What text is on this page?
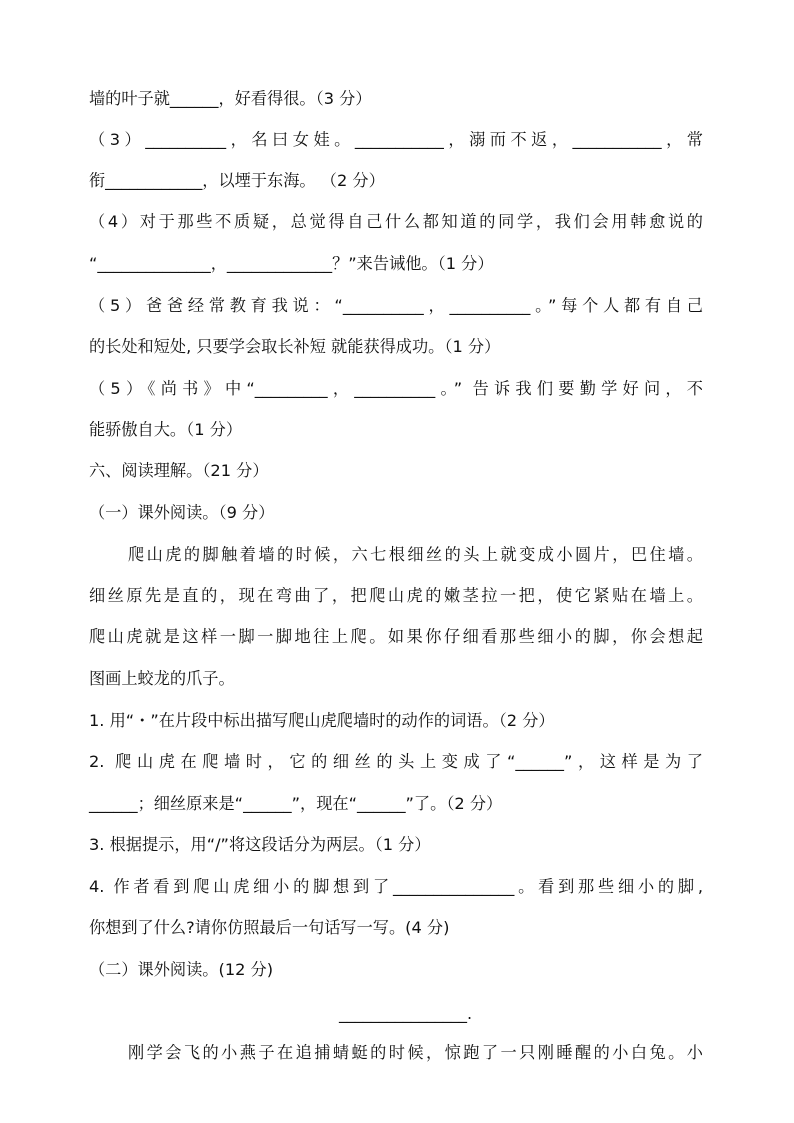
墙的叶子就______，好看得很。（3 分）
（3）__________，名曰女娃。___________，溺而不返，___________，常
衔____________，以堙于东海。 （2 分）
（4）对于那些不质疑，总觉得自己什么都知道的同学，我们会用韩愈说的
“______________，_____________？”来告诫他。（1 分）
（5）爸爸经常教育我说：“__________，__________。”每个人都有自己
的长处和短处, 只要学会取长补短 就能获得成功。（1 分）
（5）《尚书》中“_________，__________。” 告诉我们要勤学好问，不
能骄傲自大。（1 分）
六、阅读理解。（21 分）
（一）课外阅读。（9 分）
爬山虎的脚触着墙的时候，六七根细丝的头上就变成小圆片，巴住墙。
细丝原先是直的，现在弯曲了，把爬山虎的嫩茎拉一把，使它紧贴在墙上。
爬山虎就是这样一脚一脚地往上爬。如果你仔细看那些细小的脚，你会想起
图画上蛟龙的爪子。
1. 用“・”在片段中标出描写爬山虎爬墙时的动作的词语。（2 分）
2. 爬山虎在爬墙时，它的细丝的头上变成了“______”，这样是为了
______；细丝原来是“______”，现在“______”了。（2 分）
3. 根据提示，用“/”将这段话分为两层。（1 分）
4. 作者看到爬山虎细小的脚想到了_______________。看到那些细小的脚,
你想到了什么?请你仿照最后一句话写一写。(4 分)
（二）课外阅读。(12 分)
________________.
刚学会飞的小燕子在追捕蜻蜓的时候，惊跑了一只刚睡醒的小白兔。小
